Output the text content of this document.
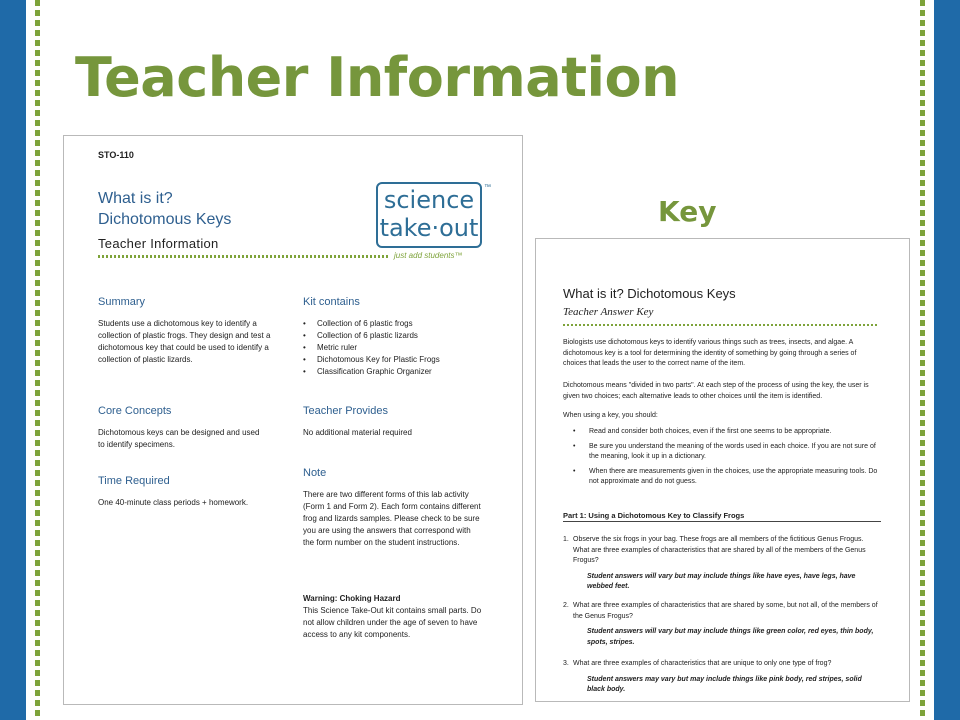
Teacher Information
Key
STO-110
What is it?
Dichotomous Keys
Teacher Information
science
take·out
™
just add students™
Summary
Students use a dichotomous key to identify a collection of plastic frogs. They design and test a dichotomous key that could be used to identify a collection of plastic lizards.
Kit contains
• Collection of 6 plastic frogs
• Collection of 6 plastic lizards
• Metric ruler
• Dichotomous Key for Plastic Frogs
• Classification Graphic Organizer
Core Concepts
Dichotomous keys can be designed and used to identify specimens.
Teacher Provides
No additional material required
Time Required
One 40-minute class periods + homework.
Note
There are two different forms of this lab activity (Form 1 and Form 2). Each form contains different frog and lizards samples. Please check to be sure you are using the answers that correspond with the form number on the student instructions.
Warning: Choking Hazard
This Science Take-Out kit contains small parts. Do not allow children under the age of seven to have access to any kit components.
What is it? Dichotomous Keys
Teacher Answer Key
Biologists use dichotomous keys to identify various things such as trees, insects, and algae. A dichotomous key is a tool for determining the identity of something by going through a series of choices that leads the user to the correct name of the item.
Dichotomous means "divided in two parts". At each step of the process of using the key, the user is given two choices; each alternative leads to other choices until the item is identified.
When using a key, you should:
• Read and consider both choices, even if the first one seems to be appropriate.
• Be sure you understand the meaning of the words used in each choice. If you are not sure of the meaning, look it up in a dictionary.
• When there are measurements given in the choices, use the appropriate measuring tools. Do not approximate and do not guess.
Part 1: Using a Dichotomous Key to Classify Frogs
1. Observe the six frogs in your bag. These frogs are all members of the fictitious Genus Frogus. What are three examples of characteristics that are shared by all of the members of the Genus Frogus?
Student answers will vary but may include things like have eyes, have legs, have webbed feet.
2. What are three examples of characteristics that are shared by some, but not all, of the members of the Genus Frogus?
Student answers will vary but may include things like green color, red eyes, thin body, spots, stripes.
3. What are three examples of characteristics that are unique to only one type of frog?
Student answers may vary but may include things like pink body, red stripes, solid black body.
